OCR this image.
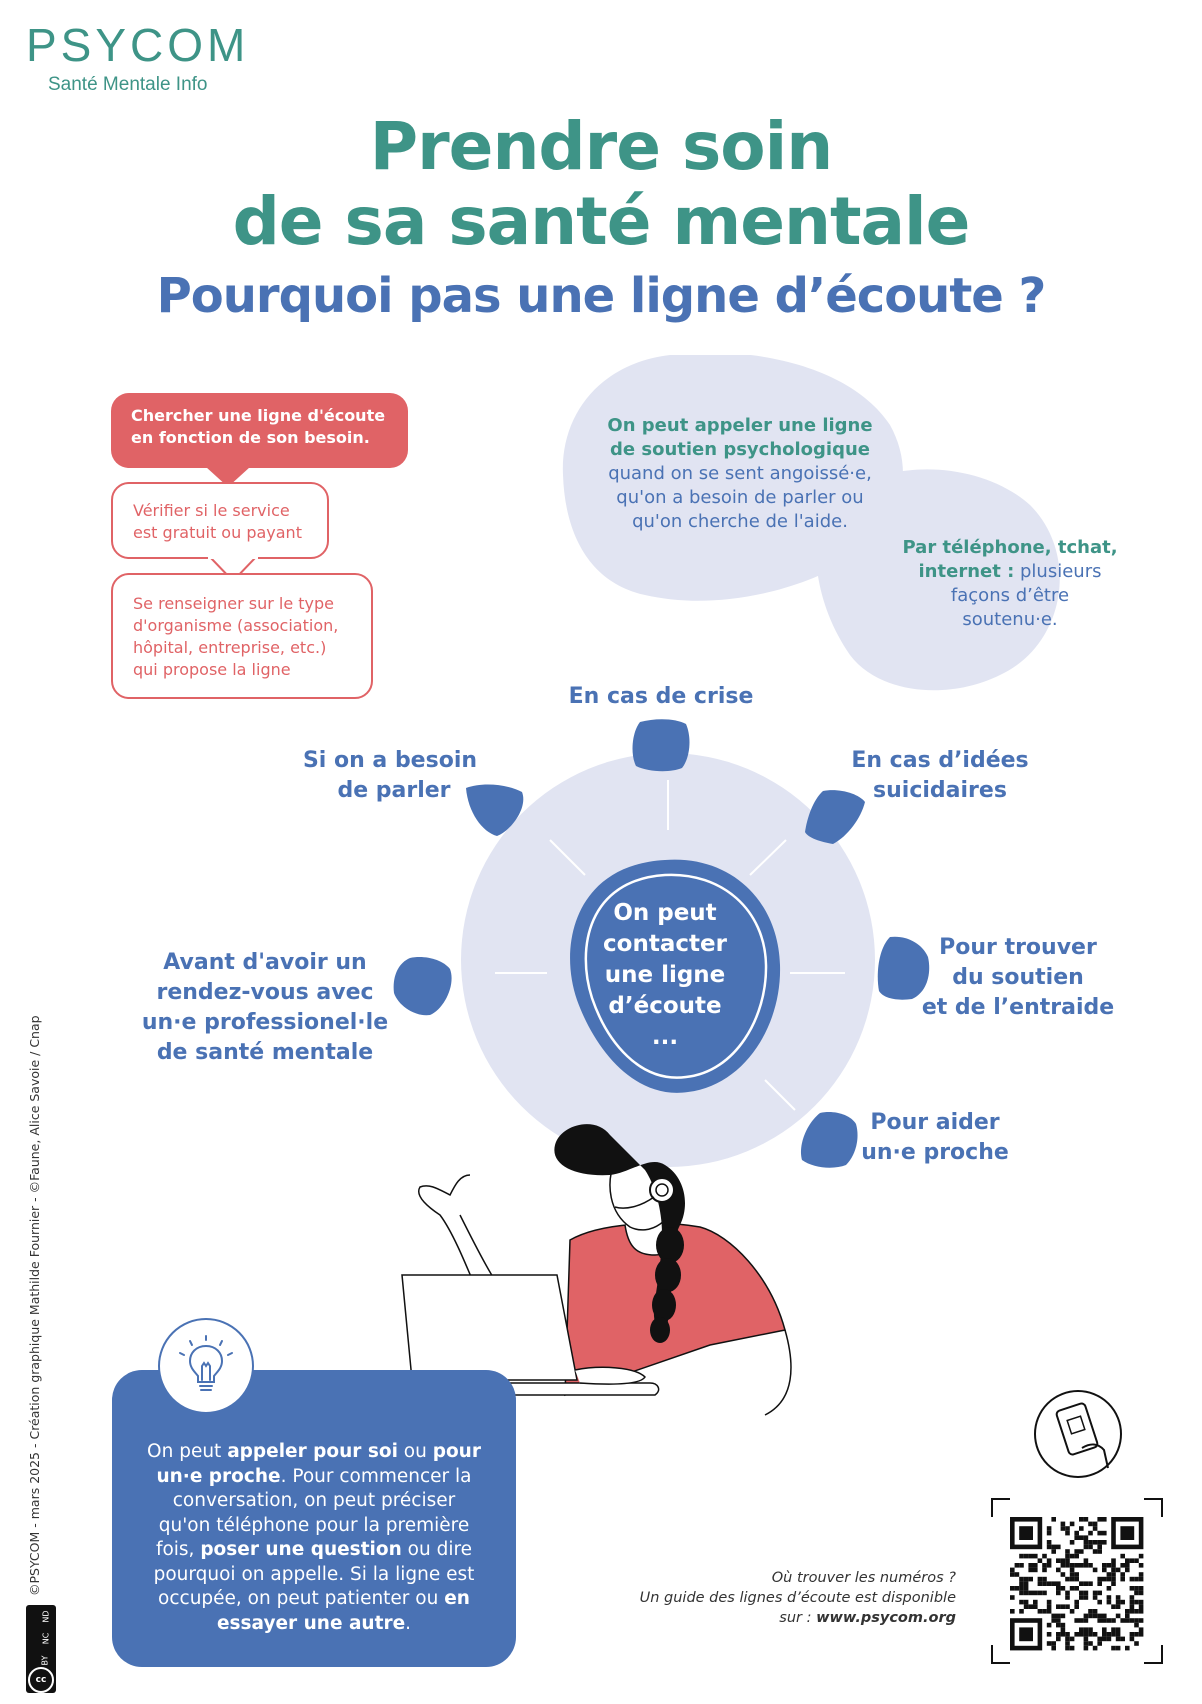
PSYCOM
Santé Mentale Info
Prendre soin
de sa santé mentale
Pourquoi pas une ligne d’écoute ?
Chercher une ligne d'écoute
en fonction de son besoin.
Vérifier si le service
est gratuit ou payant
Se renseigner sur le type
d'organisme (association,
hôpital, entreprise, etc.)
qui propose la ligne
On peut appeler une ligne
de soutien psychologique
quand on se sent angoissé·e,
qu'on a besoin de parler ou
qu'on cherche de l'aide.
Par téléphone, tchat,
internet : plusieurs
façons d’être
soutenu·e.
On peut
contacter
une ligne
d’écoute
...
En cas de crise
Si on a besoin
de parler
En cas d’idées
suicidaires
Avant d'avoir un
rendez-vous avec
un·e professionel·le
de santé mentale
Pour trouver
du soutien
et de l’entraide
Pour aider
un·e proche
On peut appeler pour soi ou pour
un·e proche. Pour commencer la
conversation, on peut préciser
qu'on téléphone pour la première
fois, poser une question ou dire
pourquoi on appelle. Si la ligne est
occupée, on peut patienter ou en
essayer une autre.
Où trouver les numéros ?
Un guide des lignes d’écoute est disponible
sur : www.psycom.org
©PSYCOM - mars 2025 - Création graphique Mathilde Fournier - ©Faune, Alice Savoie / Cnap
cc
BY
NC
ND
